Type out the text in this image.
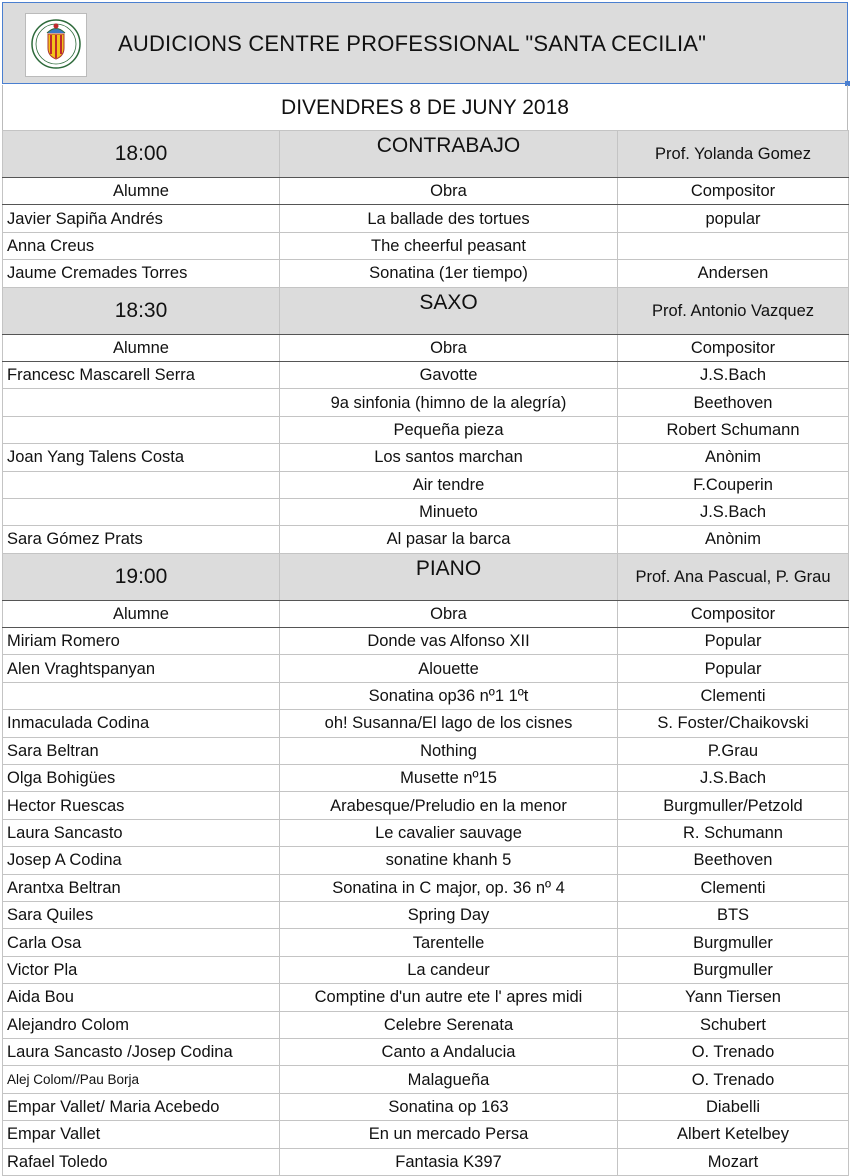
AUDICIONS CENTRE PROFESSIONAL "SANTA CECILIA"
DIVENDRES 8 DE JUNY 2018
18:00	CONTRABAJO	Prof. Yolanda Gomez
Alumne	Obra	Compositor
Javier Sapiña Andrés	La ballade des tortues	popular
Anna Creus	The cheerful peasant	
Jaume Cremades Torres	Sonatina (1er tiempo)	Andersen
18:30	SAXO	Prof. Antonio Vazquez
Alumne	Obra	Compositor
Francesc Mascarell Serra	Gavotte	J.S.Bach
	9a sinfonia (himno de la alegría)	Beethoven
	Pequeña pieza	Robert Schumann
Joan Yang Talens Costa	Los santos marchan	Anònim
	Air tendre	F.Couperin
	Minueto	J.S.Bach
Sara Gómez Prats	Al pasar la barca	Anònim
19:00	PIANO	Prof. Ana Pascual, P. Grau
Alumne	Obra	Compositor
Miriam Romero	Donde vas Alfonso XII	Popular
Alen Vraghtspanyan	Alouette	Popular
	Sonatina op36 nº1 1ºt	Clementi
Inmaculada Codina	oh! Susanna/El lago de los cisnes	S. Foster/Chaikovski
Sara Beltran	Nothing	P.Grau
Olga Bohigües	Musette nº15	J.S.Bach
Hector Ruescas	Arabesque/Preludio en la menor	Burgmuller/Petzold
Laura Sancasto	Le cavalier sauvage	R. Schumann
Josep A Codina	sonatine khanh 5	Beethoven
Arantxa Beltran	Sonatina in C major, op. 36 nº 4	Clementi
Sara Quiles	Spring Day	BTS
Carla Osa	Tarentelle	Burgmuller
Victor Pla	La candeur	Burgmuller
Aida Bou	Comptine d'un autre ete l' apres midi	Yann Tiersen
Alejandro Colom	Celebre Serenata	Schubert
Laura Sancasto /Josep Codina	Canto a Andalucia	O. Trenado
Alej Colom//Pau Borja	Malagueña	O. Trenado
Empar Vallet/ Maria Acebedo	Sonatina op 163	Diabelli
Empar Vallet	En un mercado Persa	Albert Ketelbey
Rafael Toledo	Fantasia K397	Mozart
